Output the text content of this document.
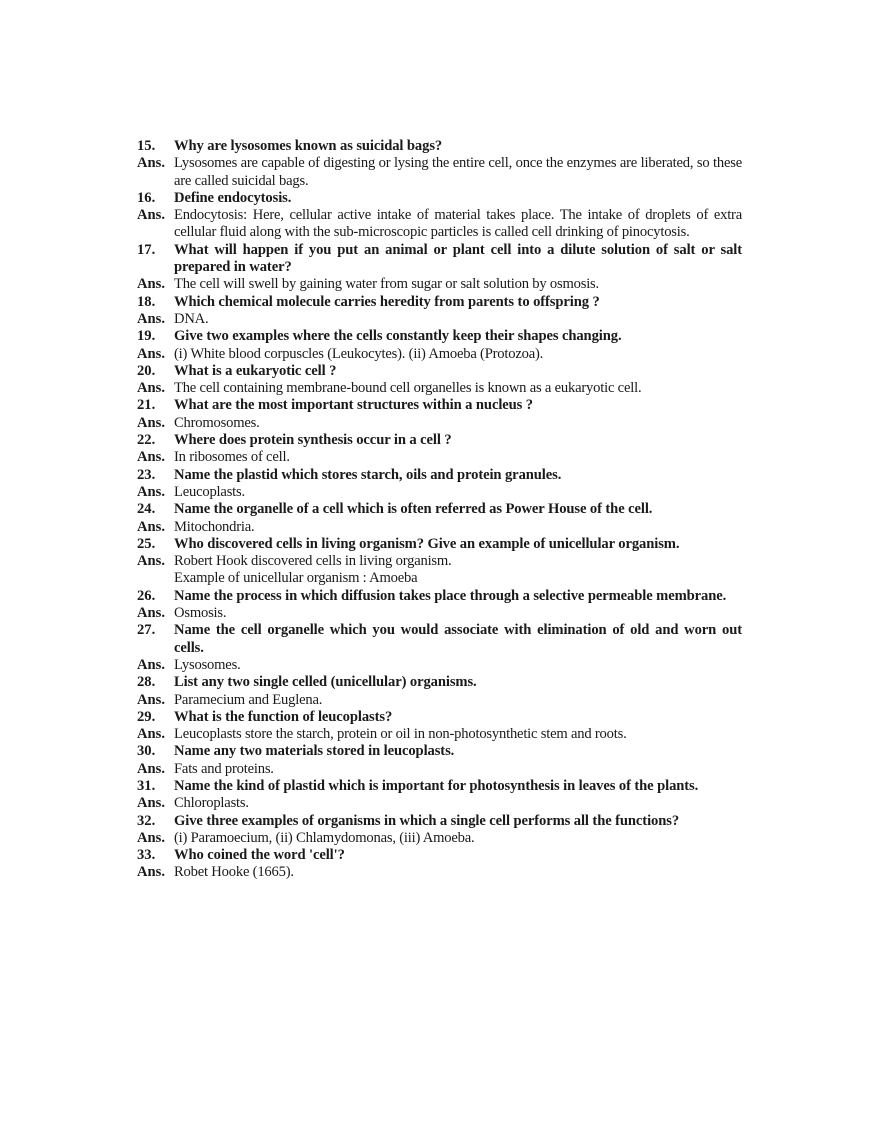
15.	Why are lysosomes known as suicidal bags?
Ans. Lysosomes are capable of digesting or lysing the entire cell, once the enzymes are liberated, so these are called suicidal bags.
16.	Define endocytosis.
Ans. Endocytosis: Here, cellular active intake of material takes place. The intake of droplets of extra cellular fluid along with the sub-microscopic particles is called cell drinking of pinocytosis.
17.	What will happen if you put an animal or plant cell into a dilute solution of salt or salt prepared in water?
Ans. The cell will swell by gaining water from sugar or salt solution by osmosis.
18.	Which chemical molecule carries heredity from parents to offspring ?
Ans. DNA.
19.	Give two examples where the cells constantly keep their shapes changing.
Ans. (i) White blood corpuscles (Leukocytes). (ii) Amoeba (Protozoa).
20.	What is a eukaryotic cell ?
Ans. The cell containing membrane-bound cell organelles is known as a eukaryotic cell.
21.	What are the most important structures within a nucleus ?
Ans. Chromosomes.
22.	Where does protein synthesis occur in a cell ?
Ans. In ribosomes of cell.
23.	Name the plastid which stores starch, oils and protein granules.
Ans. Leucoplasts.
24.	Name the organelle of a cell which is often referred as Power House of the cell.
Ans. Mitochondria.
25.	Who discovered cells in living organism? Give an example of unicellular organism.
Ans. Robert Hook discovered cells in living organism.
Example of unicellular organism : Amoeba
26.	Name the process in which diffusion takes place through a selective permeable membrane.
Ans. Osmosis.
27.	Name the cell organelle which you would associate with elimination of old and worn out cells.
Ans. Lysosomes.
28.	List any two single celled (unicellular) organisms.
Ans. Paramecium and Euglena.
29.	What is the function of leucoplasts?
Ans. Leucoplasts store the starch, protein or oil in non-photosynthetic stem and roots.
30.	Name any two materials stored in leucoplasts.
Ans. Fats and proteins.
31.	Name the kind of plastid which is important for photosynthesis in leaves of the plants.
Ans. Chloroplasts.
32.	Give three examples of organisms in which a single cell performs all the functions?
Ans. (i) Paramoecium, (ii) Chlamydomonas, (iii) Amoeba.
33.	Who coined the word 'cell'?
Ans. Robet Hooke (1665).
